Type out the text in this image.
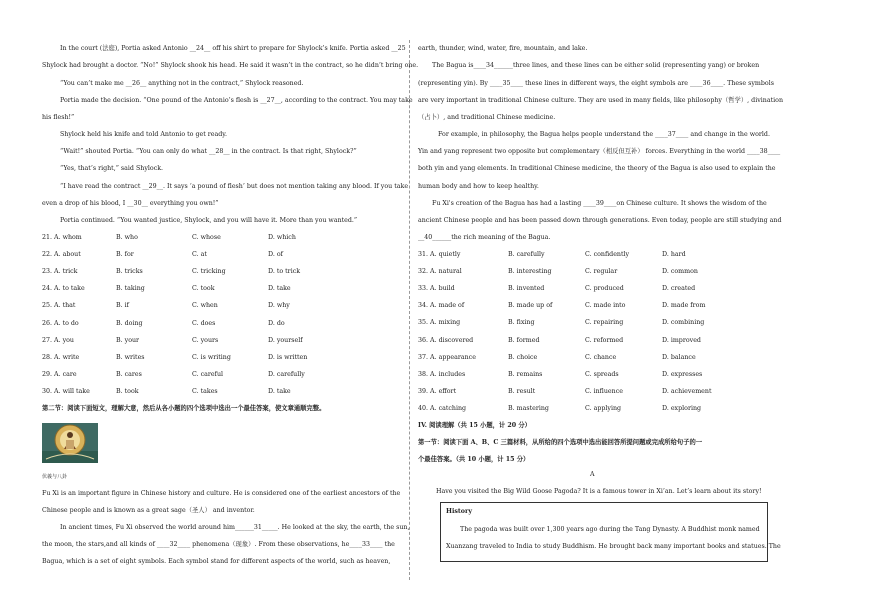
In the court (法庭), Portia asked Antonio __24__ off his shirt to prepare for Shylock’s knife. Portia asked __25
Shylock had brought a doctor. “No!” Shylock shook his head. He said it wasn’t in the contract, so he didn’t bring one.
“You can’t make me __26__ anything not in the contract,” Shylock reasoned.
Portia made the decision. “One pound of the Antonio’s flesh is __27__, according to the contract. You may take
his flesh!”
Shylock held his knife and told Antonio to get ready.
“Wait!” shouted Portia. “You can only do what __28__ in the contract. Is that right, Shylock?”
“Yes, that’s right,” said Shylock.
“I have read the contract __29__. It says ‘a pound of flesh’ but does not mention taking any blood. If you take
even a drop of his blood, I __30__ everything you own!”
Portia continued. “You wanted justice, Shylock, and you will have it. More than you wanted.”
21. A. whom	B. who	C. whose	D. which
22. A. about	B. for	C. at	D. of
23. A. trick	B. tricks	C. tricking	D. to trick
24. A. to take	B. taking	C. took	D. take
25. A. that	B. if	C. when	D. why
26. A. to do	B. doing	C. does	D. do
27. A. you	B. your	C. yours	D. yourself
28. A. write	B. writes	C. is writing	D. is written
29. A. care	B. cares	C. careful	D. carefully
30. A. will take	B. took	C. takes	D. take
第二节：阅读下面短文，理解大意，然后从各小题的四个选项中选出一个最佳答案，使文章通顺完整。
伏羲与八卦
Fu Xi is an important figure in Chinese history and culture. He is considered one of the earliest ancestors of the
Chinese people and is known as a great sage（圣人） and inventor.
In ancient times, Fu Xi observed the world around him______31_____. He looked at the sky, the earth, the sun,
the moon, the stars,and all kinds of ____32____ phenomena（现象）. From these observations, he____33____ the
Bagua, which is a set of eight symbols. Each symbol stand for different aspects of the world, such as heaven,
earth, thunder, wind, water, fire, mountain, and lake.
The Bagua is____34______three lines, and these lines can be either solid (representing yang) or broken
(representing yin). By ____35____ these lines in different ways, the eight symbols are ____36____. These symbols
are very important in traditional Chinese culture. They are used in many fields, like philosophy（哲学）, divination
（占卜）, and traditional Chinese medicine.
For example, in philosophy, the Bagua helps people understand the ____37____ and change in the world.
Yin and yang represent two opposite but complementary（相反但互补） forces. Everything in the world ____38____
both yin and yang elements. In traditional Chinese medicine, the theory of the Bagua is also used to explain the
human body and how to keep healthy.
Fu Xi's creation of the Bagua has had a lasting ____39____on Chinese culture. It shows the wisdom of the
ancient Chinese people and has been passed down through generations. Even today, people are still studying and
__40______the rich meaning of the Bagua.
31. A. quietly	B. carefully	C. confidently	D. hard
32. A. natural	B. interesting	C. regular	D. common
33. A. build	B. invented	C. produced	D. created
34. A. made of	B. made up of	C. made into	D. made from
35. A. mixing	B. fixing	C. repairing	D. combining
36. A. discovered	B. formed	C. reformed	D. improved
37. A. appearance	B. choice	C. chance	D. balance
38. A. includes	B. remains	C. spreads	D. expresses
39. A. effort	B. result	C. influence	D. achievement
40. A. catching	B. mastering	C. applying	D. exploring
IV. 阅读理解（共 15 小题，计 20 分）
第一节：阅读下面 A、B、C 三篇材料，从所给的四个选项中选出能回答所提问题或完成所给句子的一
个最佳答案。（共 10 小题，计 15 分）
A
Have you visited the Big Wild Goose Pagoda? It is a famous tower in Xi’an. Let’s learn about its story!
History
The pagoda was built over 1,300 years ago during the Tang Dynasty. A Buddhist monk named
Xuanzang traveled to India to study Buddhism. He brought back many important books and statues. The
